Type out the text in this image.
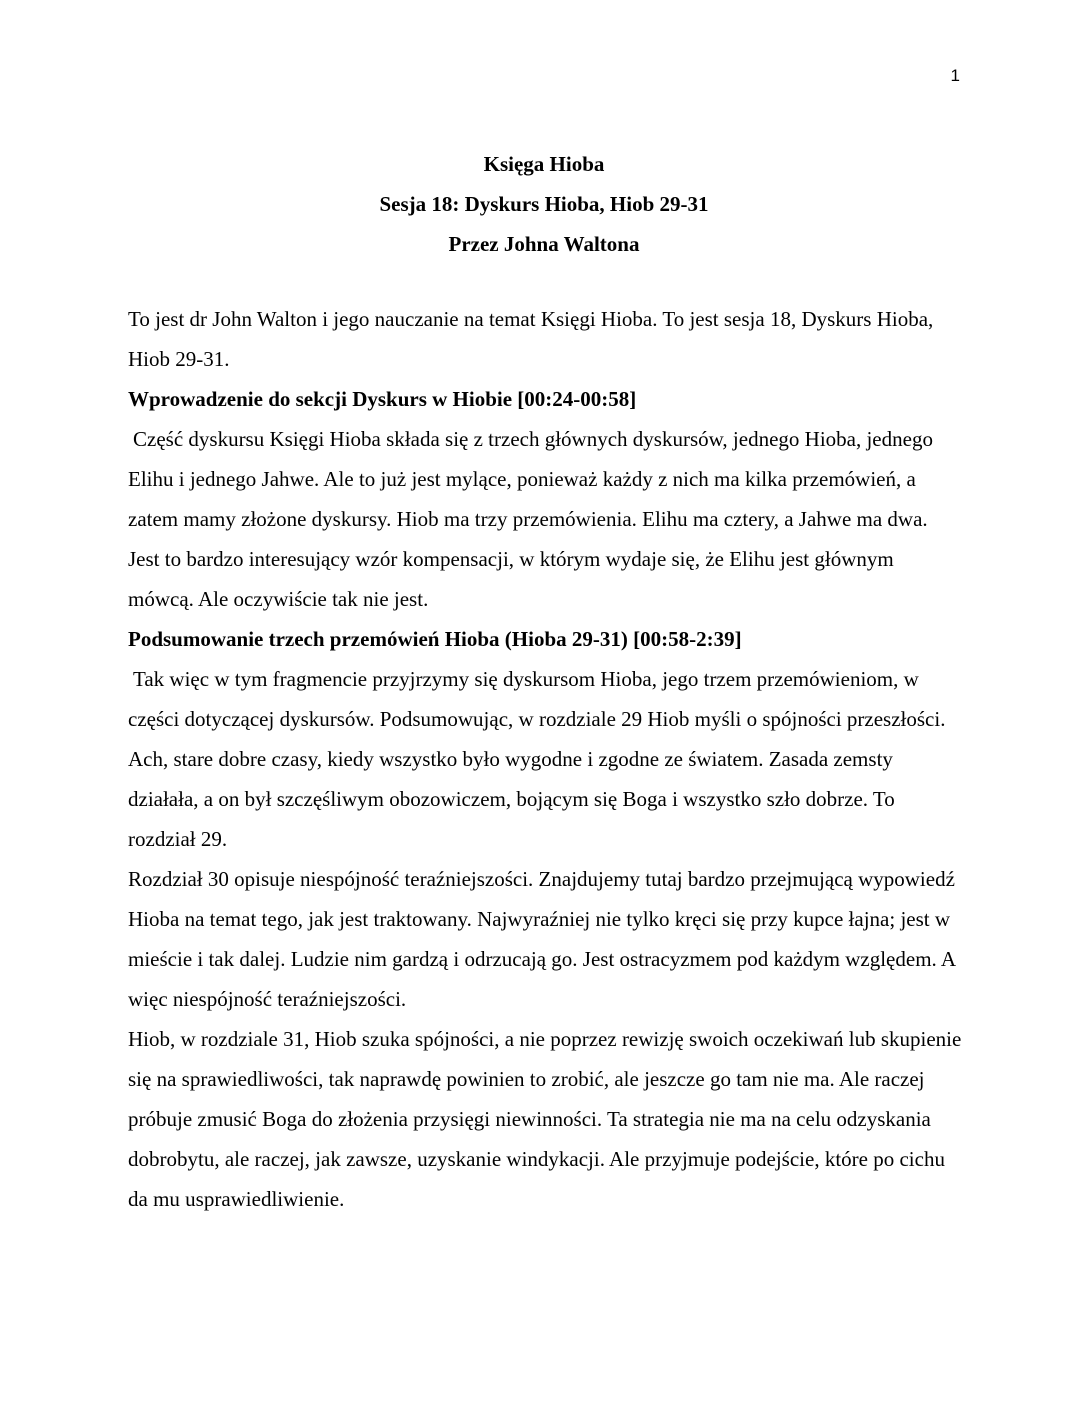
1
Księga Hioba
Sesja 18: Dyskurs Hioba, Hiob 29-31
Przez Johna Waltona

To jest dr John Walton i jego nauczanie na temat Księgi Hioba. To jest sesja 18, Dyskurs Hioba, Hiob 29-31.

Wprowadzenie do sekcji Dyskurs w Hiobie [00:24-00:58]

Część dyskursu Księgi Hioba składa się z trzech głównych dyskursów, jednego Hioba, jednego Elihu i jednego Jahwe. Ale to już jest mylące, ponieważ każdy z nich ma kilka przemówień, a zatem mamy złożone dyskursy. Hiob ma trzy przemówienia. Elihu ma cztery, a Jahwe ma dwa. Jest to bardzo interesujący wzór kompensacji, w którym wydaje się, że Elihu jest głównym mówcą. Ale oczywiście tak nie jest.

Podsumowanie trzech przemówień Hioba (Hioba 29-31) [00:58-2:39]

Tak więc w tym fragmencie przyjrzymy się dyskursom Hioba, jego trzem przemówieniom, w części dotyczącej dyskursów. Podsumowując, w rozdziale 29 Hiob myśli o spójności przeszłości. Ach, stare dobre czasy, kiedy wszystko było wygodne i zgodne ze światem. Zasada zemsty działała, a on był szczęśliwym obozowiczem, bojącym się Boga i wszystko szło dobrze. To rozdział 29.

Rozdział 30 opisuje niespójność teraźniejszości. Znajdujemy tutaj bardzo przejmującą wypowiedź Hioba na temat tego, jak jest traktowany. Najwyraźniej nie tylko kręci się przy kupce łajna; jest w mieście i tak dalej. Ludzie nim gardzą i odrzucają go. Jest ostracyzmem pod każdym względem. A więc niespójność teraźniejszości.

Hiob, w rozdziale 31, Hiob szuka spójności, a nie poprzez rewizję swoich oczekiwań lub skupienie się na sprawiedliwości, tak naprawdę powinien to zrobić, ale jeszcze go tam nie ma. Ale raczej próbuje zmusić Boga do złożenia przysięgi niewinności. Ta strategia nie ma na celu odzyskania dobrobytu, ale raczej, jak zawsze, uzyskanie windykacji. Ale przyjmuje podejście, które po cichu da mu usprawiedliwienie.
